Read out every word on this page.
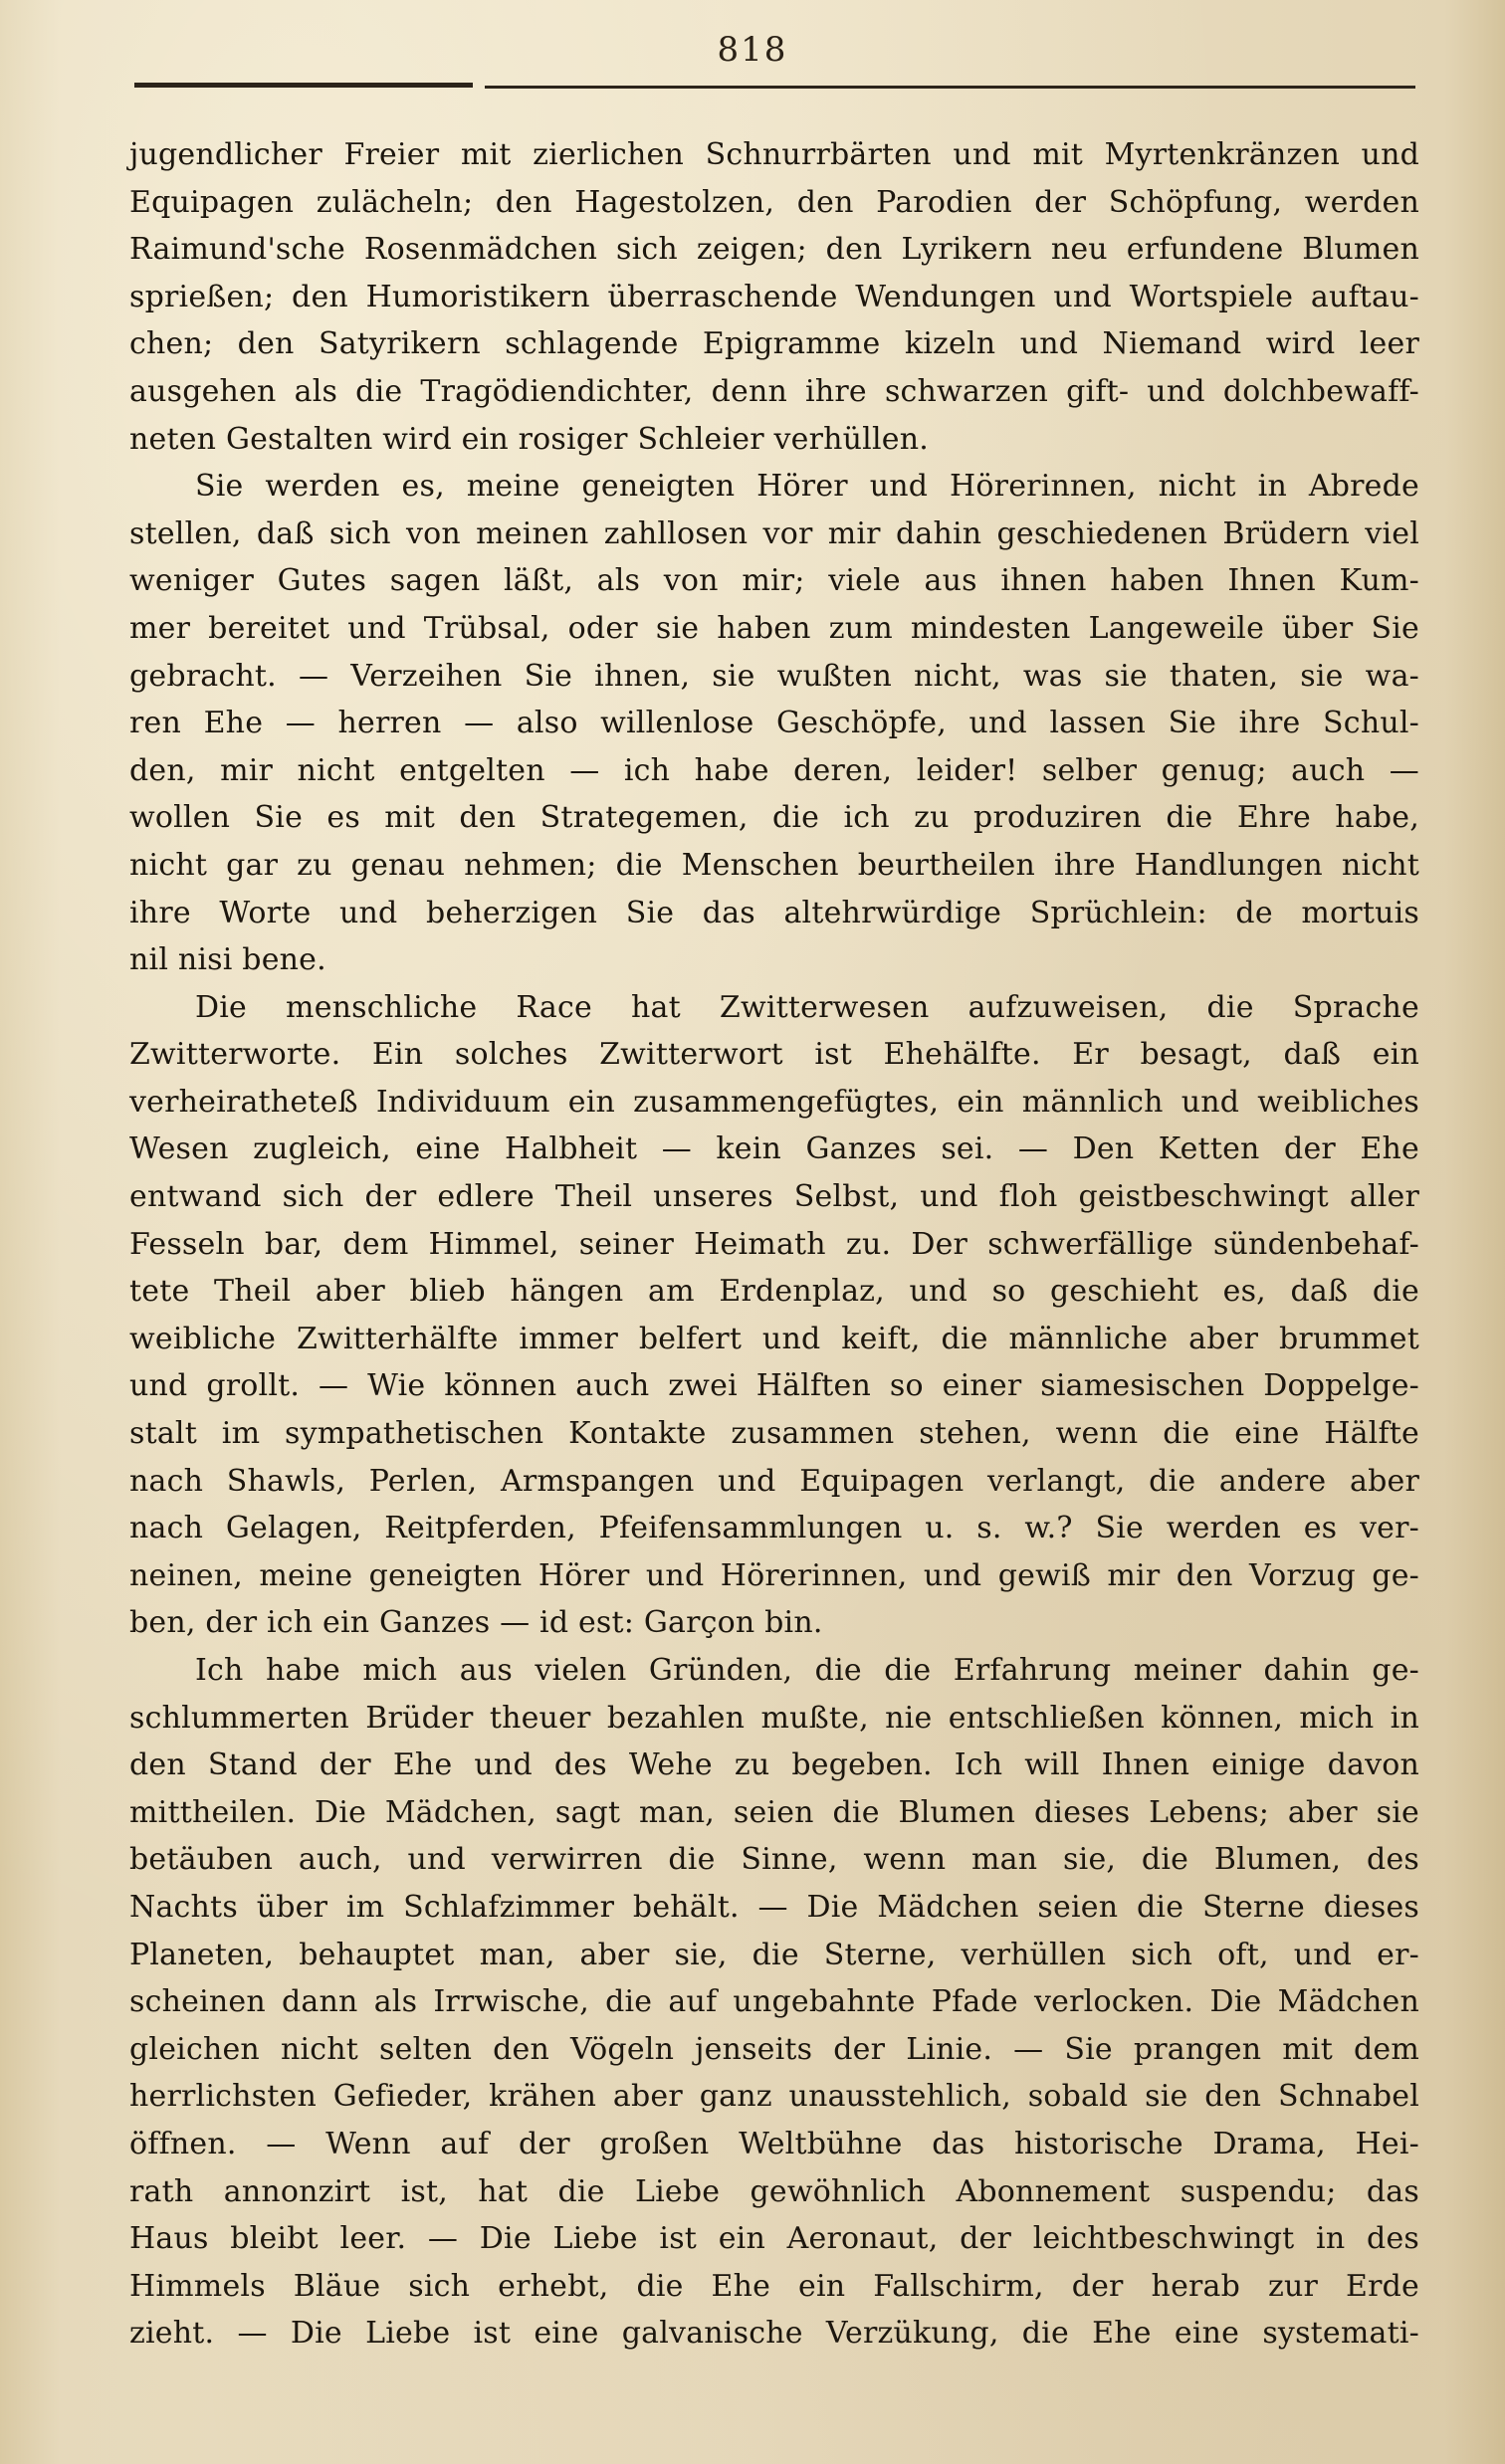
818
jugendlicher Freier mit zierlichen Schnurrbärten und mit Myrtenkränzen und
Equipagen zulächeln; den Hagestolzen, den Parodien der Schöpfung, werden
Raimund'sche Rosenmädchen sich zeigen; den Lyrikern neu erfundene Blumen
sprießen; den Humoristikern überraschende Wendungen und Wortspiele auftau-
chen; den Satyrikern schlagende Epigramme kizeln und Niemand wird leer
ausgehen als die Tragödiendichter, denn ihre schwarzen gift- und dolchbewaff-
neten Gestalten wird ein rosiger Schleier verhüllen.
Sie werden es, meine geneigten Hörer und Hörerinnen, nicht in Abrede
stellen, daß sich von meinen zahllosen vor mir dahin geschiedenen Brüdern viel
weniger Gutes sagen läßt, als von mir; viele aus ihnen haben Ihnen Kum-
mer bereitet und Trübsal, oder sie haben zum mindesten Langeweile über Sie
gebracht. — Verzeihen Sie ihnen, sie wußten nicht, was sie thaten, sie wa-
ren Ehe — herren — also willenlose Geschöpfe, und lassen Sie ihre Schul-
den, mir nicht entgelten — ich habe deren, leider! selber genug; auch —
wollen Sie es mit den Strategemen, die ich zu produziren die Ehre habe,
nicht gar zu genau nehmen; die Menschen beurtheilen ihre Handlungen nicht
ihre Worte und beherzigen Sie das altehrwürdige Sprüchlein: de mortuis
nil nisi bene.
Die menschliche Race hat Zwitterwesen aufzuweisen, die Sprache
Zwitterworte. Ein solches Zwitterwort ist Ehehälfte. Er besagt, daß ein
verheiratheteß Individuum ein zusammengefügtes, ein männlich und weibliches
Wesen zugleich, eine Halbheit — kein Ganzes sei. — Den Ketten der Ehe
entwand sich der edlere Theil unseres Selbst, und floh geistbeschwingt aller
Fesseln bar, dem Himmel, seiner Heimath zu. Der schwerfällige sündenbehaf-
tete Theil aber blieb hängen am Erdenplaz, und so geschieht es, daß die
weibliche Zwitterhälfte immer belfert und keift, die männliche aber brummet
und grollt. — Wie können auch zwei Hälften so einer siamesischen Doppelge-
stalt im sympathetischen Kontakte zusammen stehen, wenn die eine Hälfte
nach Shawls, Perlen, Armspangen und Equipagen verlangt, die andere aber
nach Gelagen, Reitpferden, Pfeifensammlungen u. s. w.? Sie werden es ver-
neinen, meine geneigten Hörer und Hörerinnen, und gewiß mir den Vorzug ge-
ben, der ich ein Ganzes — id est: Garçon bin.
Ich habe mich aus vielen Gründen, die die Erfahrung meiner dahin ge-
schlummerten Brüder theuer bezahlen mußte, nie entschließen können, mich in
den Stand der Ehe und des Wehe zu begeben. Ich will Ihnen einige davon
mittheilen. Die Mädchen, sagt man, seien die Blumen dieses Lebens; aber sie
betäuben auch, und verwirren die Sinne, wenn man sie, die Blumen, des
Nachts über im Schlafzimmer behält. — Die Mädchen seien die Sterne dieses
Planeten, behauptet man, aber sie, die Sterne, verhüllen sich oft, und er-
scheinen dann als Irrwische, die auf ungebahnte Pfade verlocken. Die Mädchen
gleichen nicht selten den Vögeln jenseits der Linie. — Sie prangen mit dem
herrlichsten Gefieder, krähen aber ganz unausstehlich, sobald sie den Schnabel
öffnen. — Wenn auf der großen Weltbühne das historische Drama, Hei-
rath annonzirt ist, hat die Liebe gewöhnlich Abonnement suspendu; das
Haus bleibt leer. — Die Liebe ist ein Aeronaut, der leichtbeschwingt in des
Himmels Bläue sich erhebt, die Ehe ein Fallschirm, der herab zur Erde
zieht. — Die Liebe ist eine galvanische Verzükung, die Ehe eine systemati-
